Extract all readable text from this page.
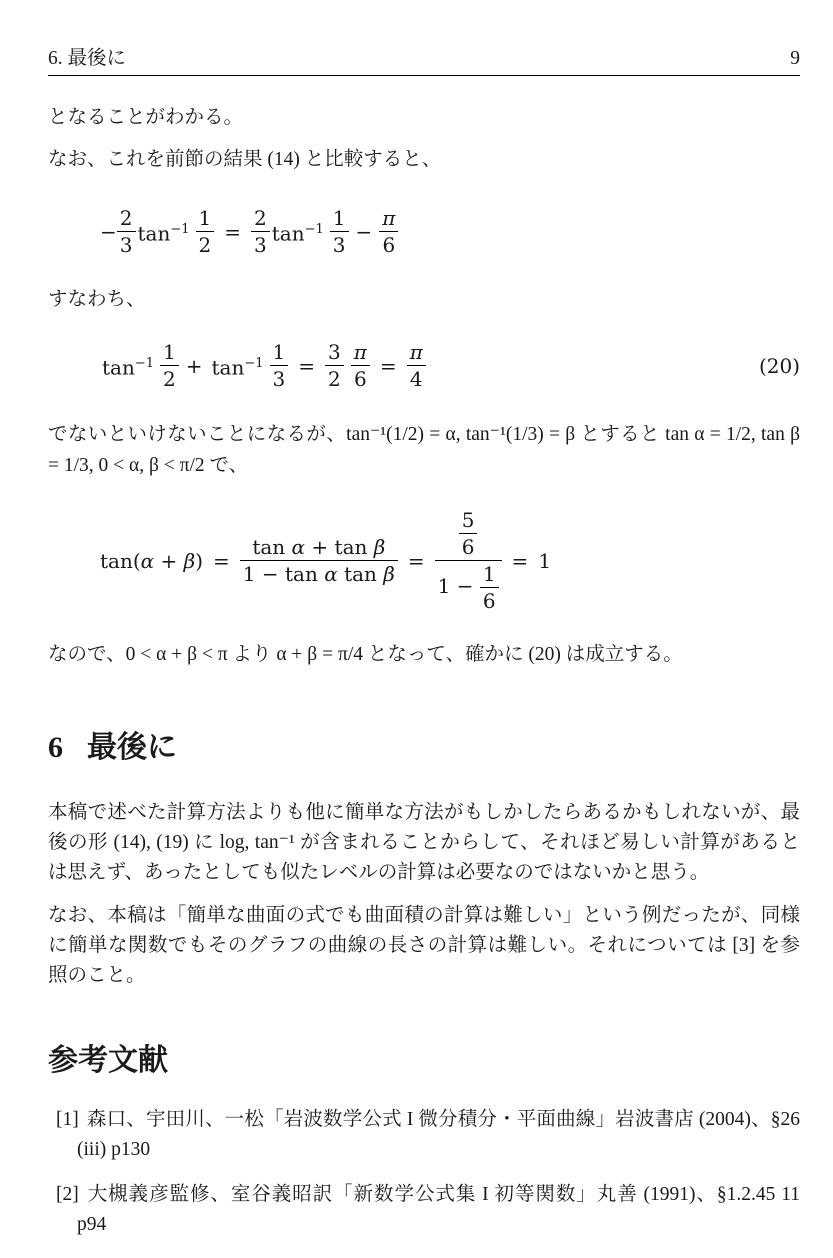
6. 最後に	9

となることがわかる。

なお、これを前節の結果 (14) と比較すると、

− $\frac{2}{3} \tan^{-1} \frac{1}{2} = \frac{2}{3} \tan^{-1} \frac{1}{3} - \frac{\pi}{6}$

すなわち、

$\tan^{-1} \frac{1}{2} + \tan^{-1} \frac{1}{3} = \frac{3}{2} \frac{\pi}{6} = \frac{\pi}{4}$	(20)

でないといけないことになるが、tan⁻¹(1/2) = α, tan⁻¹(1/3) = β とすると tan α = 1/2, tan β = 1/3, 0 < α, β < π/2 で、

$\tan(\alpha + \beta) = \frac{\text{tan α + tan β}}{\text{1 − tan α tan β}} = \frac{\frac{5}{6}}{1 - \frac{1}{6}} = 1$

なので、0 < α + β < π より α + β = π/4 となって、確かに (20) は成立する。

6 最後に

本稿で述べた計算方法よりも他に簡単な方法がもしかしたらあるかもしれないが、最後の形 (14), (19) に log, tan⁻¹ が含まれることからして、それほど易しい計算があるとは思えず、あったとしても似たレベルの計算は必要なのではないかと思う。

なお、本稿は「簡単な曲面の式でも曲面積の計算は難しい」という例だったが、同様に簡単な関数でもそのグラフの曲線の長さの計算は難しい。それについては [3] を参照のこと。

参考文献

[1] 森口、宇田川、一松「岩波数学公式 I 微分積分・平面曲線」岩波書店 (2004)、§26 (iii) p130

[2] 大槻義彦監修、室谷義昭訳「新数学公式集 I 初等関数」丸善 (1991)、§1.2.45 11 p94
